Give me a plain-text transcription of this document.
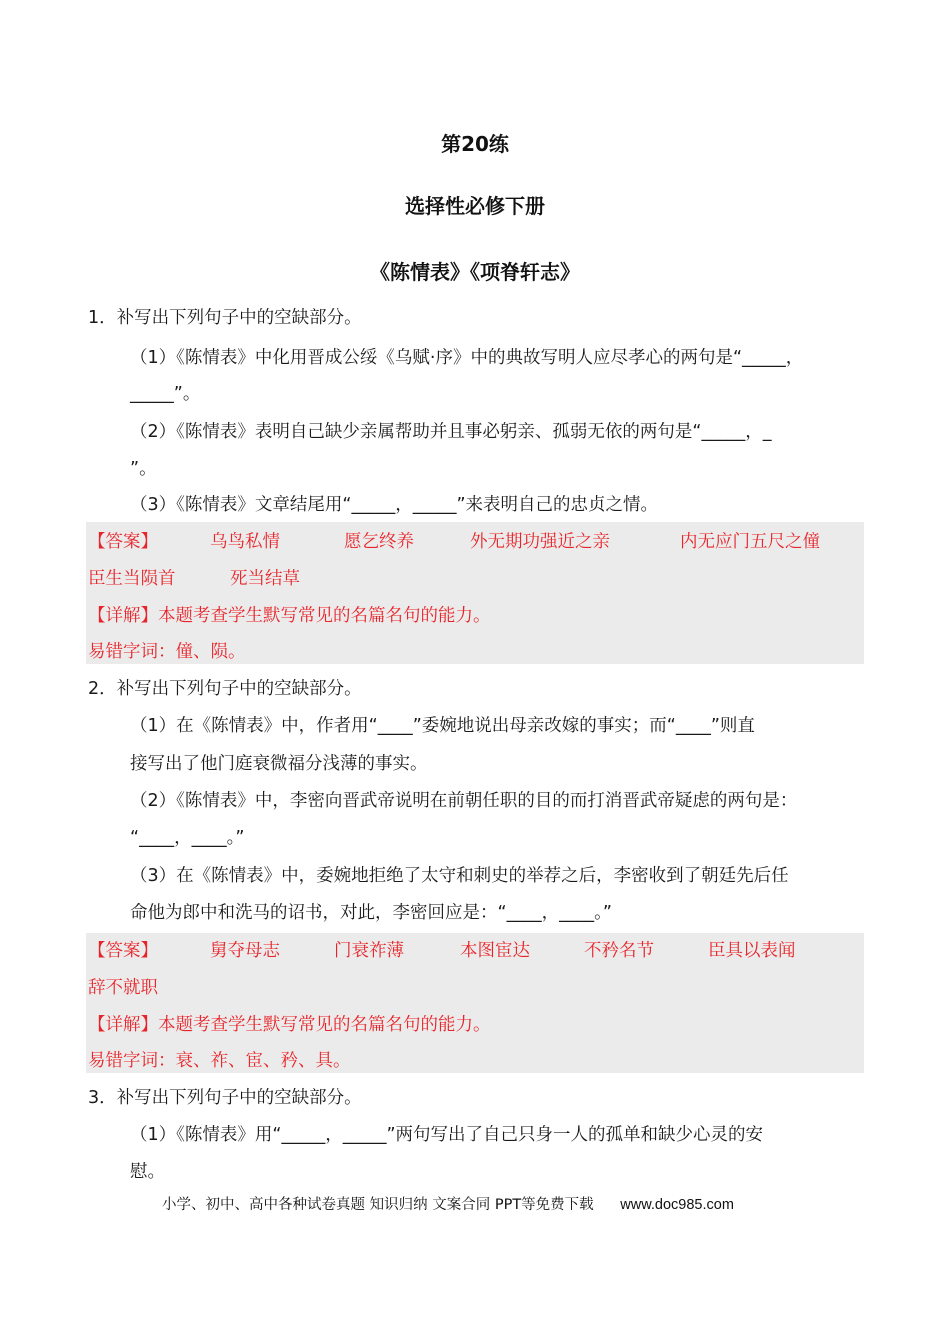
第20练
选择性必修下册
《陈情表》《项脊轩志》
1．补写出下列句子中的空缺部分。
（1）《陈情表》中化用晋成公绥《乌赋·序》中的典故写明人应尽孝心的两句是“_____，
_____”。
（2）《陈情表》表明自己缺少亲属帮助并且事必躬亲、孤弱无依的两句是“_____，_
”。
（3）《陈情表》文章结尾用“_____，_____”来表明自己的忠贞之情。
【答案】	乌鸟私情	愿乞终养	外无期功强近之亲	内无应门五尺之僮
臣生当陨首	死当结草
【详解】本题考查学生默写常见的名篇名句的能力。
易错字词：僮、陨。
2．补写出下列句子中的空缺部分。
（1）在《陈情表》中，作者用“____”委婉地说出母亲改嫁的事实；而“____”则直
接写出了他门庭衰微福分浅薄的事实。
（2）《陈情表》中，李密向晋武帝说明在前朝任职的目的而打消晋武帝疑虑的两句是：
“____，____。”
（3）在《陈情表》中，委婉地拒绝了太守和刺史的举荐之后，李密收到了朝廷先后任
命他为郎中和洗马的诏书，对此，李密回应是：“____，____。”
【答案】	舅夺母志	门衰祚薄	本图宦达	不矜名节	臣具以表闻
辞不就职
【详解】本题考查学生默写常见的名篇名句的能力。
易错字词：衰、祚、宦、矜、具。
3．补写出下列句子中的空缺部分。
（1）《陈情表》用“_____，_____”两句写出了自己只身一人的孤单和缺少心灵的安
慰。
小学、初中、高中各种试卷真题 知识归纳 文案合同 PPT等免费下载 www.doc985.com
